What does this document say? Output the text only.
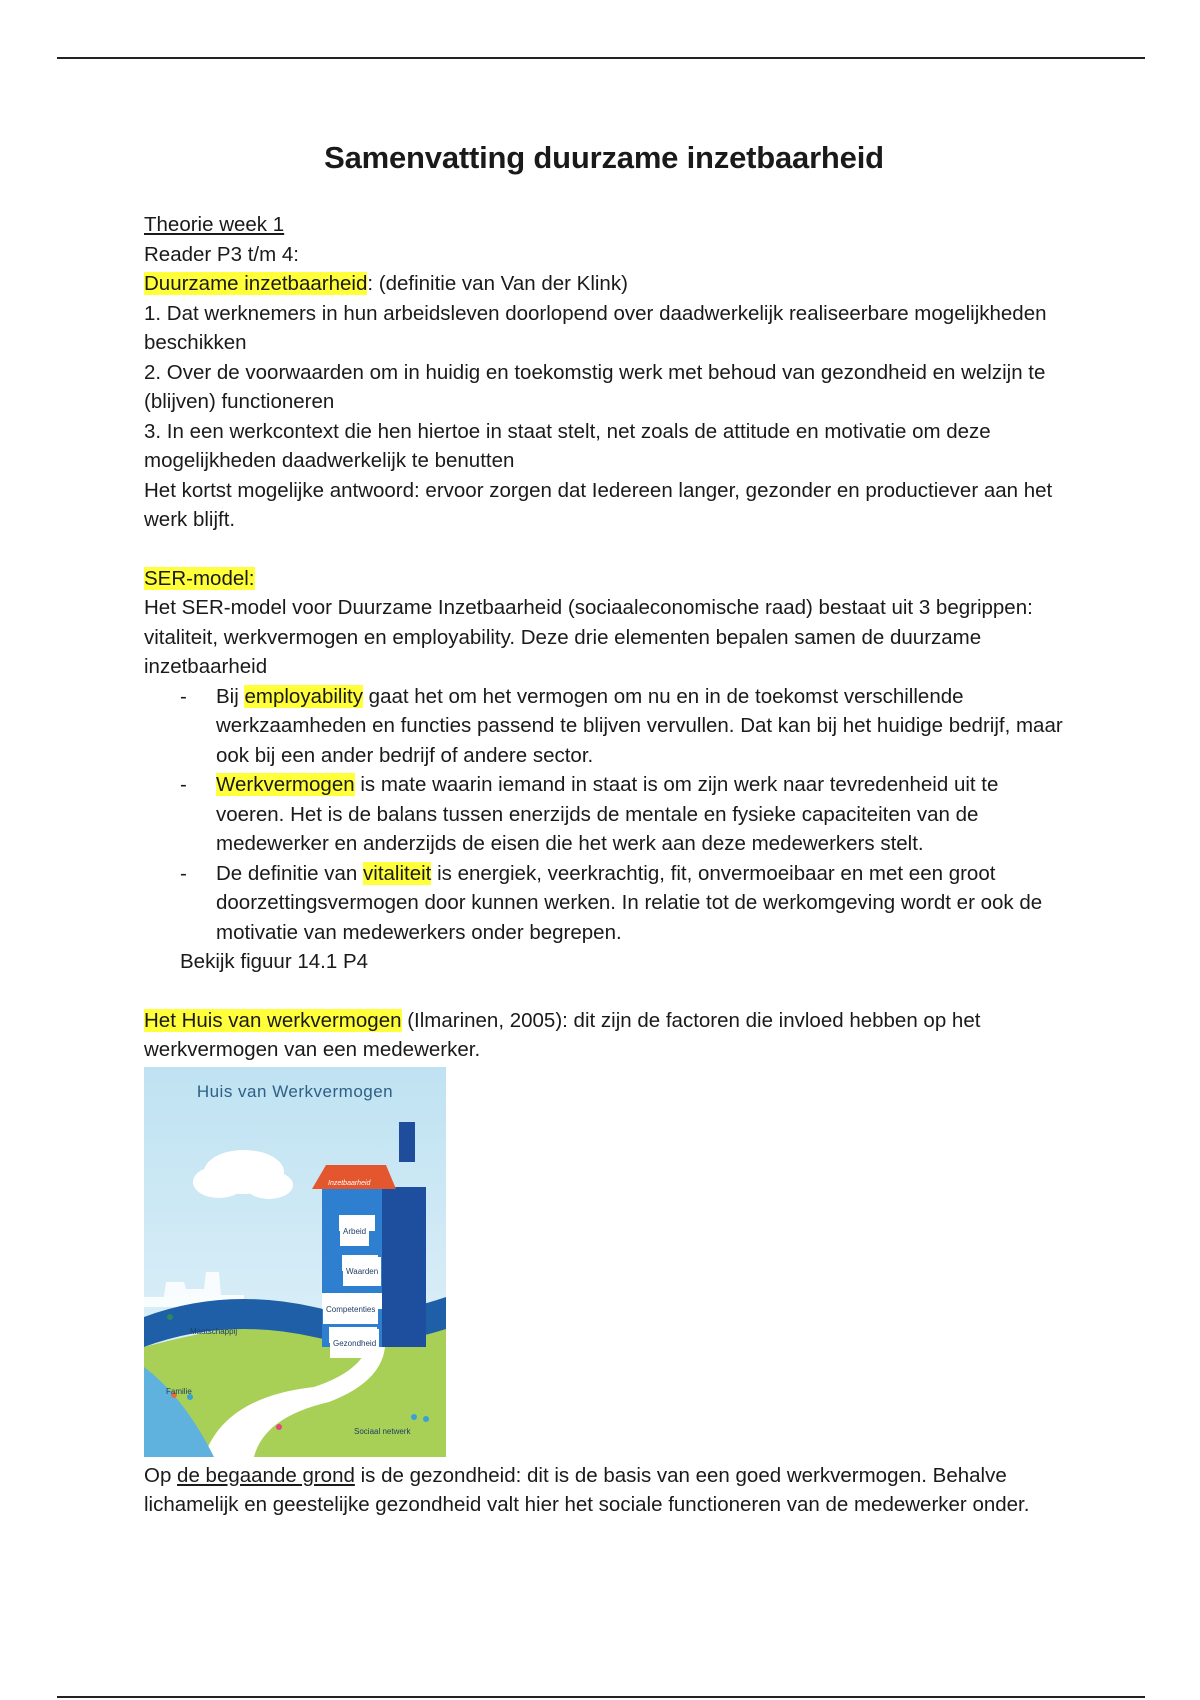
Samenvatting duurzame inzetbaarheid

Theorie week 1

Reader P3 t/m 4:

Duurzame inzetbaarheid: (definitie van Van der Klink)

1. Dat werknemers in hun arbeidsleven doorlopend over daadwerkelijk realiseerbare mogelijkheden beschikken

2. Over de voorwaarden om in huidig en toekomstig werk met behoud van gezondheid en welzijn te (blijven) functioneren

3. In een werkcontext die hen hiertoe in staat stelt, net zoals de attitude en motivatie om deze mogelijkheden daadwerkelijk te benutten

Het kortst mogelijke antwoord: ervoor zorgen dat Iedereen langer, gezonder en productiever aan het werk blijft.

SER-model:

Het SER-model voor Duurzame Inzetbaarheid (sociaaleconomische raad) bestaat uit 3 begrippen: vitaliteit, werkvermogen en employability. Deze drie elementen bepalen samen de duurzame inzetbaarheid

- Bij employability gaat het om het vermogen om nu en in de toekomst verschillende werkzaamheden en functies passend te blijven vervullen. Dat kan bij het huidige bedrijf, maar ook bij een ander bedrijf of andere sector.
- Werkvermogen is mate waarin iemand in staat is om zijn werk naar tevredenheid uit te voeren. Het is de balans tussen enerzijds de mentale en fysieke capaciteiten van de medewerker en anderzijds de eisen die het werk aan deze medewerkers stelt.
- De definitie van vitaliteit is energiek, veerkrachtig, fit, onvermoeibaar en met een groot doorzettingsvermogen door kunnen werken. In relatie tot de werkomgeving wordt er ook de motivatie van medewerkers onder begrepen.

Bekijk figuur 14.1 P4

Het Huis van werkvermogen (Ilmarinen, 2005): dit zijn de factoren die invloed hebben op het werkvermogen van een medewerker.

Huis van Werkvermogen
Inzetbaarheid
Arbeid
Waarden
Competenties
Gezondheid
Maatschappij
Familie
Sociaal netwerk

Op de begaande grond is de gezondheid: dit is de basis van een goed werkvermogen. Behalve lichamelijk en geestelijke gezondheid valt hier het sociale functioneren van de medewerker onder.
